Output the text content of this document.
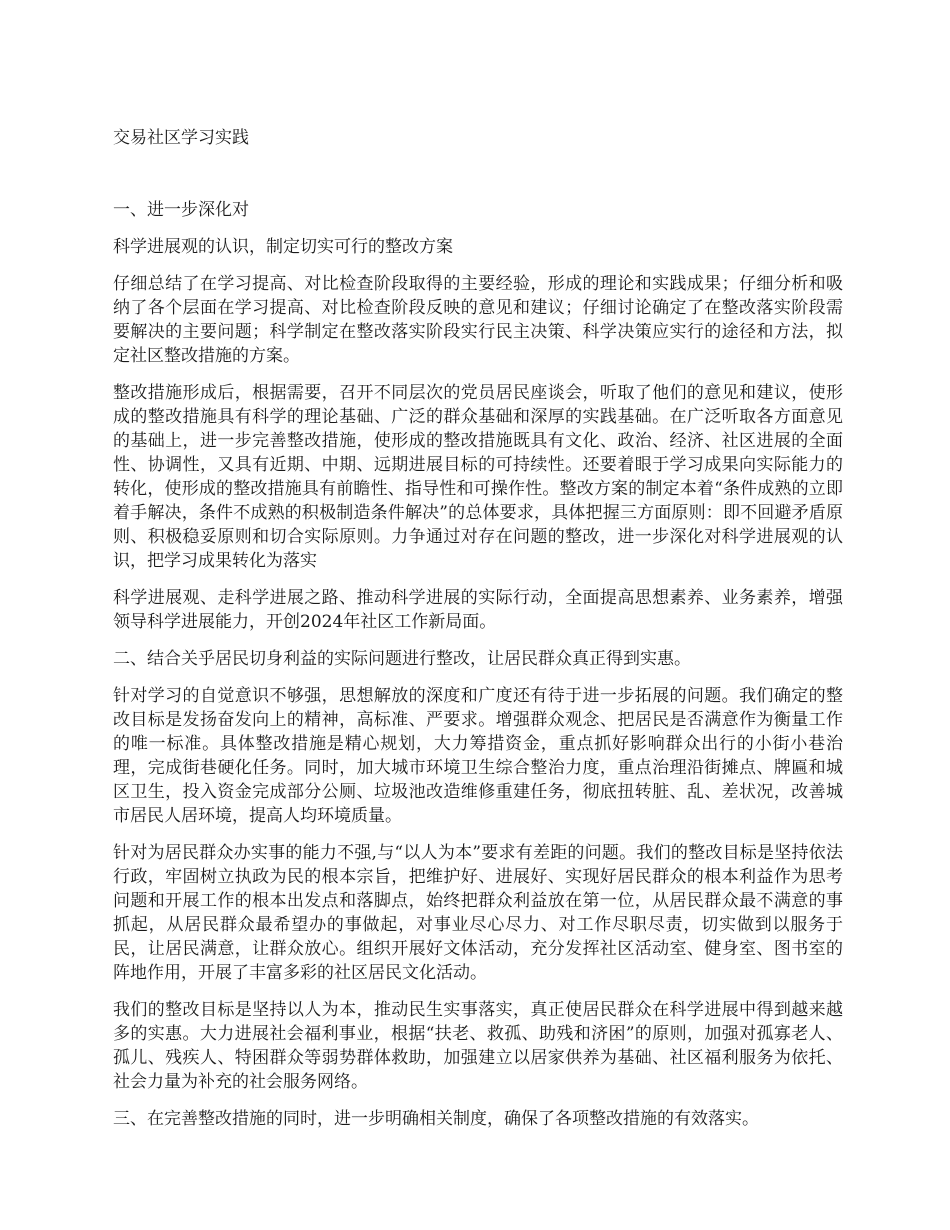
交易社区学习实践

一、进一步深化对

科学进展观的认识，制定切实可行的整改方案

仔细总结了在学习提高、对比检查阶段取得的主要经验，形成的理论和实践成果；仔细分析和吸纳了各个层面在学习提高、对比检查阶段反映的意见和建议；仔细讨论确定了在整改落实阶段需要解决的主要问题；科学制定在整改落实阶段实行民主决策、科学决策应实行的途径和方法，拟定社区整改措施的方案。

整改措施形成后，根据需要，召开不同层次的党员居民座谈会，听取了他们的意见和建议，使形成的整改措施具有科学的理论基础、广泛的群众基础和深厚的实践基础。在广泛听取各方面意见的基础上，进一步完善整改措施，使形成的整改措施既具有文化、政治、经济、社区进展的全面性、协调性，又具有近期、中期、远期进展目标的可持续性。还要着眼于学习成果向实际能力的转化，使形成的整改措施具有前瞻性、指导性和可操作性。整改方案的制定本着“条件成熟的立即着手解决，条件不成熟的积极制造条件解决”的总体要求，具体把握三方面原则：即不回避矛盾原则、积极稳妥原则和切合实际原则。力争通过对存在问题的整改，进一步深化对科学进展观的认识，把学习成果转化为落实

科学进展观、走科学进展之路、推动科学进展的实际行动，全面提高思想素养、业务素养，增强领导科学进展能力，开创2024年社区工作新局面。

二、结合关乎居民切身利益的实际问题进行整改，让居民群众真正得到实惠。

针对学习的自觉意识不够强，思想解放的深度和广度还有待于进一步拓展的问题。我们确定的整改目标是发扬奋发向上的精神，高标准、严要求。增强群众观念、把居民是否满意作为衡量工作的唯一标准。具体整改措施是精心规划，大力筹措资金，重点抓好影响群众出行的小街小巷治理，完成街巷硬化任务。同时，加大城市环境卫生综合整治力度，重点治理沿街摊点、牌匾和城区卫生，投入资金完成部分公厕、垃圾池改造维修重建任务，彻底扭转脏、乱、差状况，改善城市居民人居环境，提高人均环境质量。

针对为居民群众办实事的能力不强,与“以人为本”要求有差距的问题。我们的整改目标是坚持依法行政，牢固树立执政为民的根本宗旨，把维护好、进展好、实现好居民群众的根本利益作为思考问题和开展工作的根本出发点和落脚点，始终把群众利益放在第一位，从居民群众最不满意的事抓起，从居民群众最希望办的事做起，对事业尽心尽力、对工作尽职尽责，切实做到以服务于民，让居民满意，让群众放心。组织开展好文体活动，充分发挥社区活动室、健身室、图书室的阵地作用，开展了丰富多彩的社区居民文化活动。

我们的整改目标是坚持以人为本，推动民生实事落实，真正使居民群众在科学进展中得到越来越多的实惠。大力进展社会福利事业，根据“扶老、救孤、助残和济困”的原则，加强对孤寡老人、孤儿、残疾人、特困群众等弱势群体救助，加强建立以居家供养为基础、社区福利服务为依托、社会力量为补充的社会服务网络。

三、在完善整改措施的同时，进一步明确相关制度，确保了各项整改措施的有效落实。
